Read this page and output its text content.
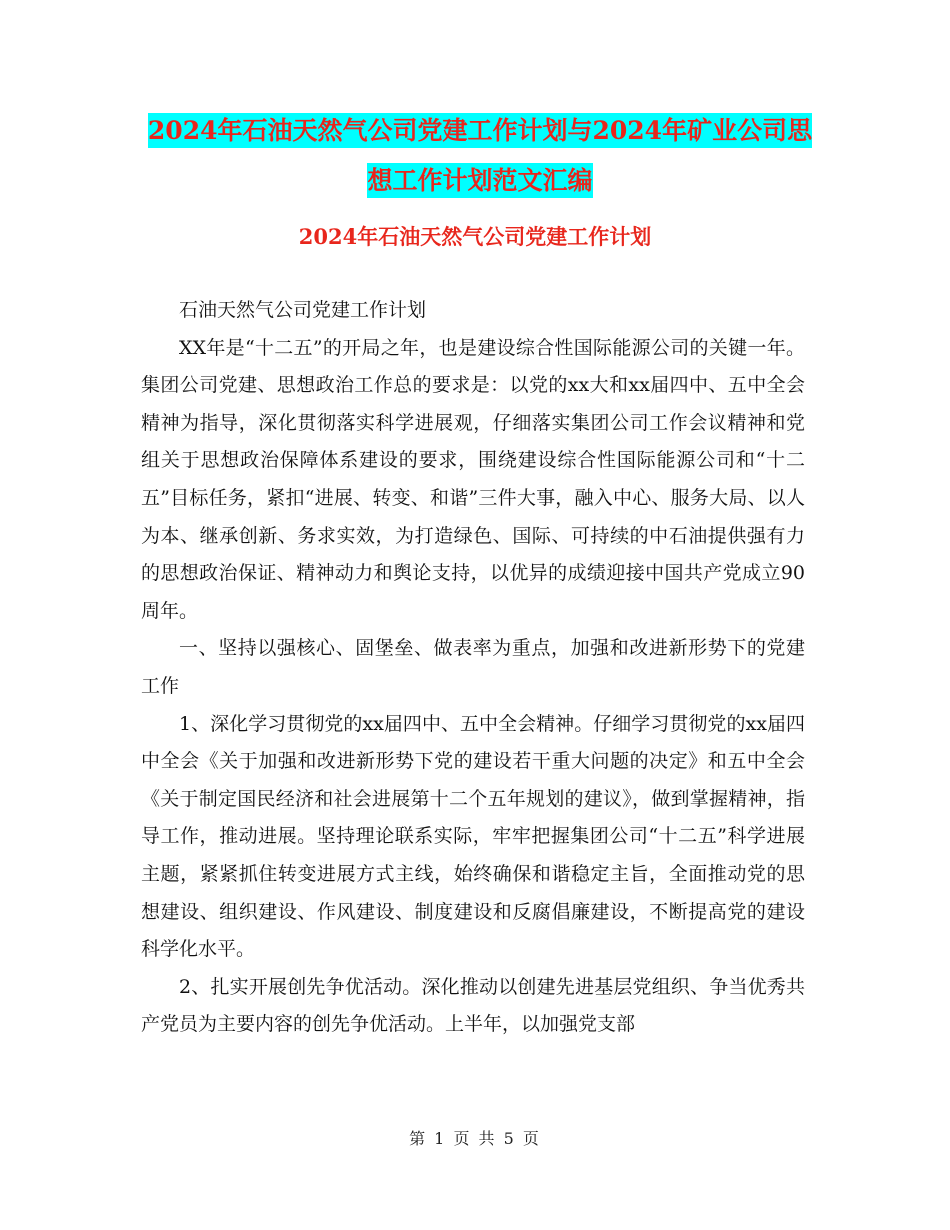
2024年石油天然气公司党建工作计划与2024年矿业公司思想工作计划范文汇编
2024年石油天然气公司党建工作计划

石油天然气公司党建工作计划

XX年是“十二五”的开局之年，也是建设综合性国际能源公司的关键一年。集团公司党建、思想政治工作总的要求是：以党的xx大和xx届四中、五中全会精神为指导，深化贯彻落实科学进展观，仔细落实集团公司工作会议精神和党组关于思想政治保障体系建设的要求，围绕建设综合性国际能源公司和“十二五”目标任务，紧扣“进展、转变、和谐”三件大事，融入中心、服务大局、以人为本、继承创新、务求实效，为打造绿色、国际、可持续的中石油提供强有力的思想政治保证、精神动力和舆论支持，以优异的成绩迎接中国共产党成立90周年。

一、坚持以强核心、固堡垒、做表率为重点，加强和改进新形势下的党建工作

1、深化学习贯彻党的xx届四中、五中全会精神。仔细学习贯彻党的xx届四中全会《关于加强和改进新形势下党的建设若干重大问题的决定》和五中全会《关于制定国民经济和社会进展第十二个五年规划的建议》，做到掌握精神，指导工作，推动进展。坚持理论联系实际，牢牢把握集团公司“十二五”科学进展主题，紧紧抓住转变进展方式主线，始终确保和谐稳定主旨，全面推动党的思想建设、组织建设、作风建设、制度建设和反腐倡廉建设，不断提高党的建设科学化水平。

2、扎实开展创先争优活动。深化推动以创建先进基层党组织、争当优秀共产党员为主要内容的创先争优活动。上半年，以加强党支部

第 1 页 共 5 页
